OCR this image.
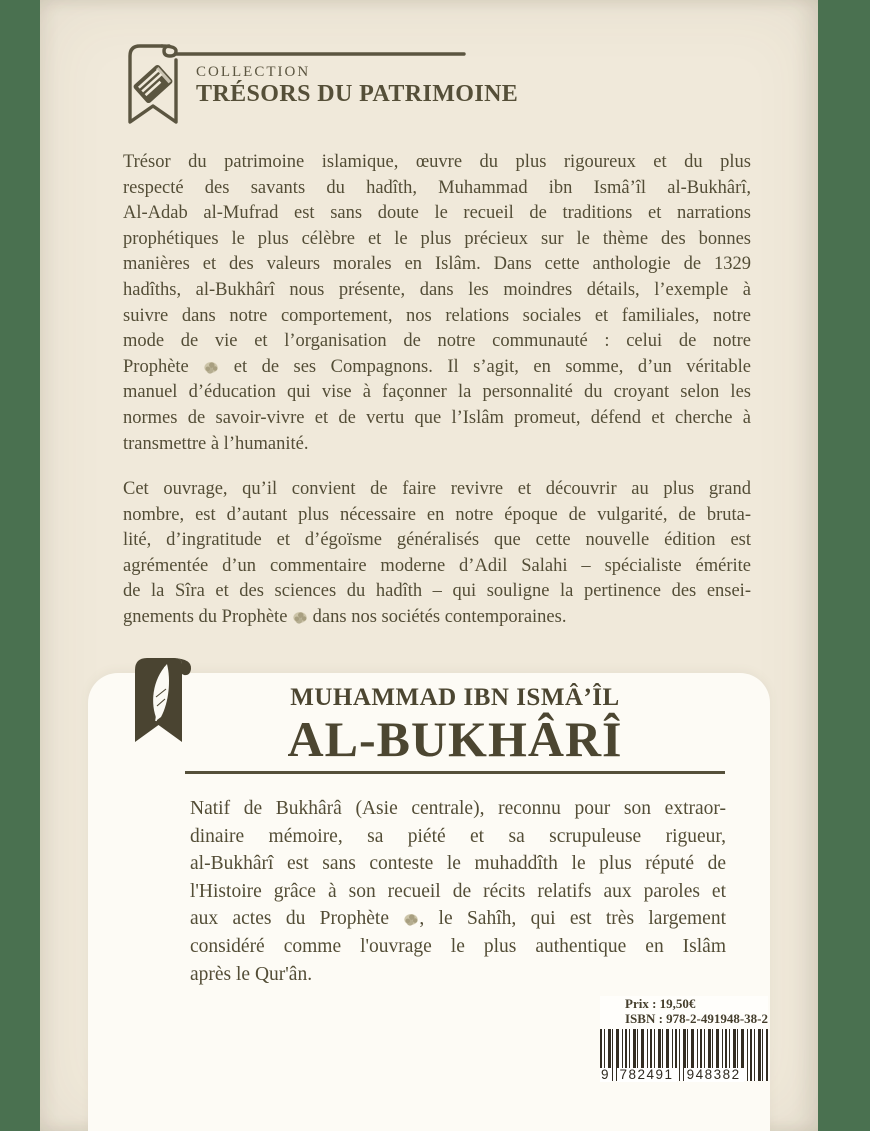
COLLECTION
TRÉSORS DU PATRIMOINE
Trésor du patrimoine islamique, œuvre du plus rigoureux et du plus
respecté des savants du hadîth, Muhammad ibn Ismâ’îl al-Bukhârî,
Al-Adab al-Mufrad est sans doute le recueil de traditions et narrations
prophétiques le plus célèbre et le plus précieux sur le thème des bonnes
manières et des valeurs morales en Islâm. Dans cette anthologie de 1329
hadîths, al-Bukhârî nous présente, dans les moindres détails, l’exemple à
suivre dans notre comportement, nos relations sociales et familiales, notre
mode de vie et l’organisation de notre communauté : celui de notre
Prophète  et de ses Compagnons. Il s’agit, en somme, d’un véritable
manuel d’éducation qui vise à façonner la personnalité du croyant selon les
normes de savoir-vivre et de vertu que l’Islâm promeut, défend et cherche à
transmettre à l’humanité.
Cet ouvrage, qu’il convient de faire revivre et découvrir au plus grand
nombre, est d’autant plus nécessaire en notre époque de vulgarité, de bruta-
lité, d’ingratitude et d’égoïsme généralisés que cette nouvelle édition est
agrémentée d’un commentaire moderne d’Adil Salahi – spécialiste émérite
de la Sîra et des sciences du hadîth – qui souligne la pertinence des ensei-
gnements du Prophète  dans nos sociétés contemporaines.
MUHAMMAD IBN ISMÂ’ÎL
AL-BUKHÂRÎ
Natif de Bukhârâ (Asie centrale), reconnu pour son extraor-
dinaire mémoire, sa piété et sa scrupuleuse rigueur,
al-Bukhârî est sans conteste le muhaddîth le plus réputé de
l'Histoire grâce à son recueil de récits relatifs aux paroles et
aux actes du Prophète , le Sahîh, qui est très largement
considéré comme l'ouvrage le plus authentique en Islâm
après le Qur'ân.
Prix : 19,50€
ISBN : 978-2-491948-38-2
9 782491 948382
